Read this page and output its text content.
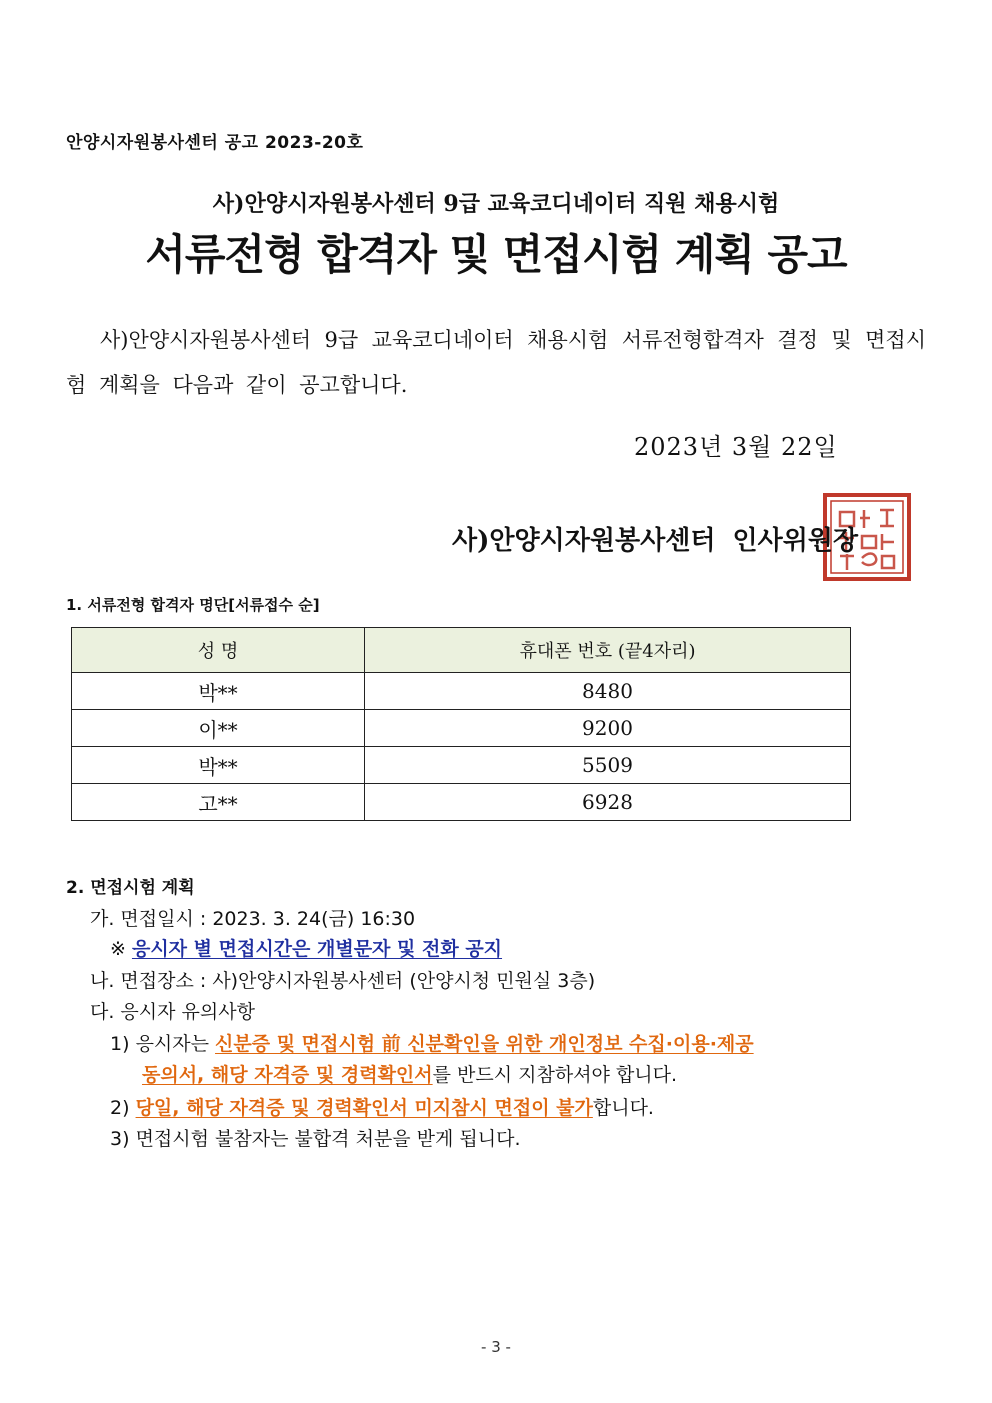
안양시자원봉사센터 공고 2023-20호
사)안양시자원봉사센터 9급 교육코디네이터 직원 채용시험
서류전형 합격자 및 면접시험 계획 공고
사)안양시자원봉사센터 9급 교육코디네이터 채용시험 서류전형합격자 결정 및 면접시험 계획을 다음과 같이 공고합니다.
2023년 3월 22일
사)안양시자원봉사센터 인사위원장
1. 서류전형 합격자 명단[서류접수 순]
성 명	휴대폰 번호 (끝4자리)
박**	8480
이**	9200
박**	5509
고**	6928
2. 면접시험 계획
가. 면접일시 : 2023. 3. 24(금) 16:30
※ 응시자 별 면접시간은 개별문자 및 전화 공지
나. 면접장소 : 사)안양시자원봉사센터 (안양시청 민원실 3층)
다. 응시자 유의사항
1) 응시자는 신분증 및 면접시험 前 신분확인을 위한 개인정보 수집·이용·제공
동의서, 해당 자격증 및 경력확인서를 반드시 지참하셔야 합니다.
2) 당일, 해당 자격증 및 경력확인서 미지참시 면접이 불가합니다.
3) 면접시험 불참자는 불합격 처분을 받게 됩니다.
- 3 -
